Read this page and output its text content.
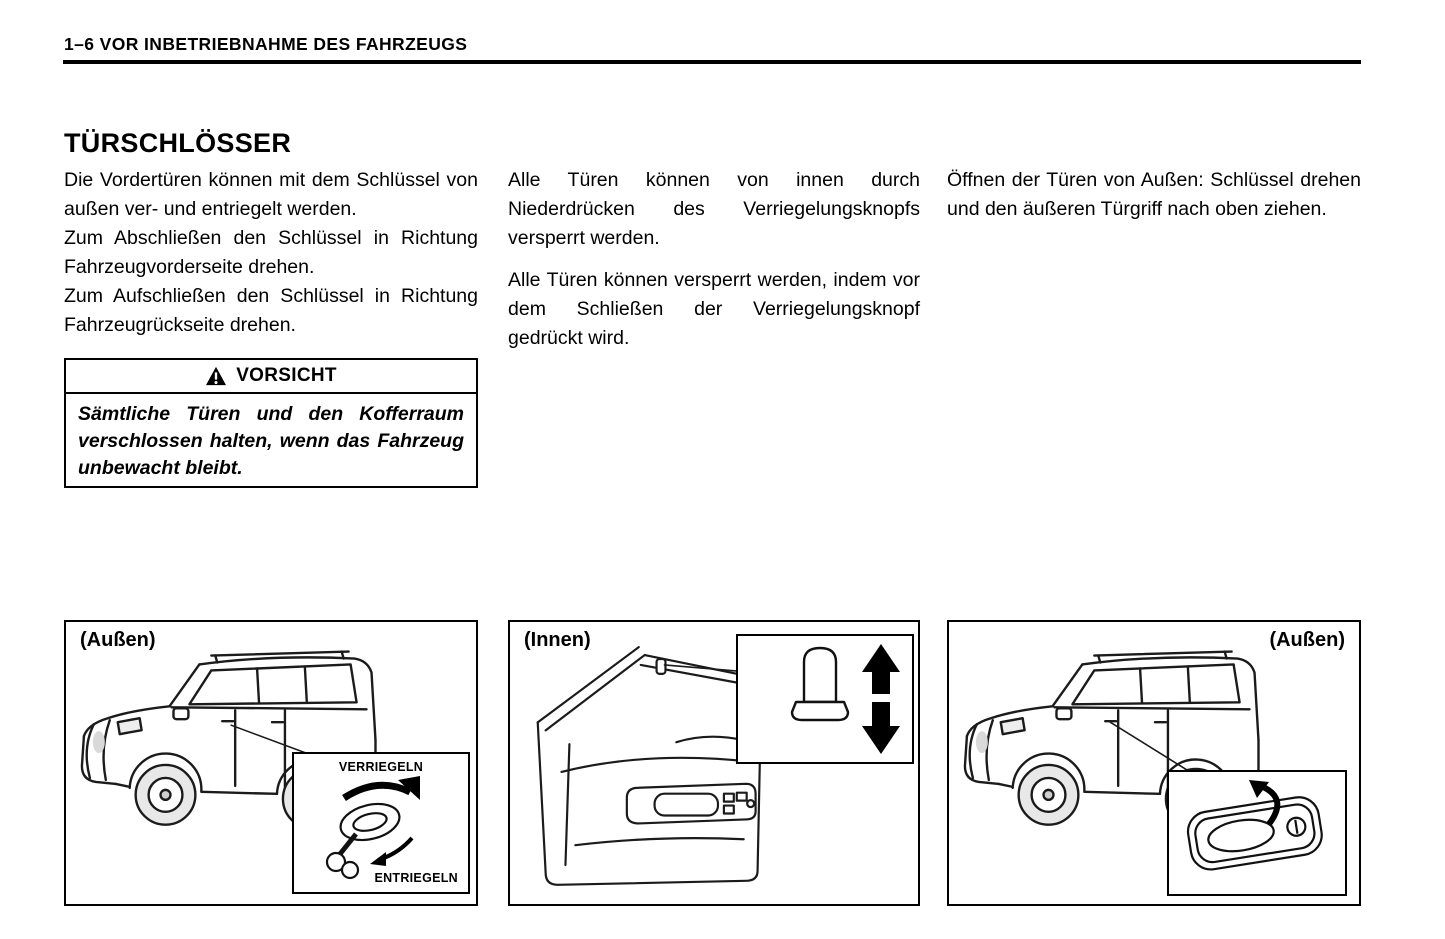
1–6 VOR INBETRIEBNAHME DES FAHRZEUGS
TÜRSCHLÖSSER

Die Vordertüren können mit dem Schlüssel von außen ver- und entriegelt werden.

Zum Abschließen den Schlüssel in Richtung Fahrzeugvorderseite drehen.

Zum Aufschließen den Schlüssel in Richtung Fahrzeugrückseite drehen.

Alle Türen können von innen durch Niederdrücken des Verriegelungsknopfs versperrt werden.

Alle Türen können versperrt werden, indem vor dem Schließen der Verriegelungsknopf gedrückt wird.

Öffnen der Türen von Außen: Schlüssel drehen und den äußeren Türgriff nach oben ziehen.

VORSICHT
Sämtliche Türen und den Kofferraum verschlossen halten, wenn das Fahrzeug unbewacht bleibt.
(Außen)
VERRIEGELN
ENTRIEGELN
(Innen)	(Außen)
